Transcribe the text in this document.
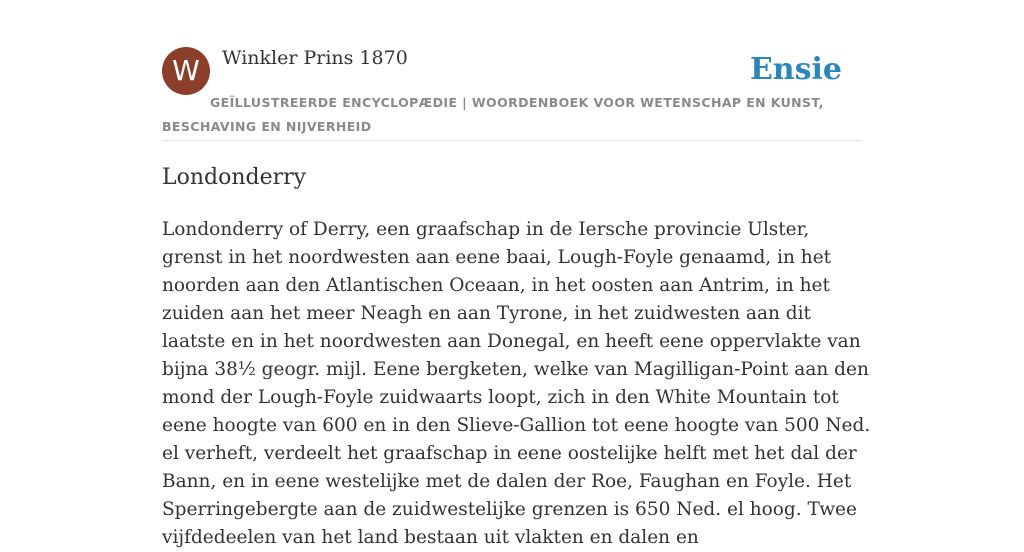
W	Winkler Prins 1870	Ensie
GEÏLLUSTREERDE ENCYCLOPÆDIE | WOORDENBOEK VOOR WETENSCHAP EN KUNST, BESCHAVING EN NIJVERHEID
Londonderry

Londonderry of Derry, een graafschap in de Iersche provincie Ulster, grenst in het noordwesten aan eene baai, Lough-Foyle genaamd, in het noorden aan den Atlantischen Oceaan, in het oosten aan Antrim, in het zuiden aan het meer Neagh en aan Tyrone, in het zuidwesten aan dit laatste en in het noordwesten aan Donegal, en heeft eene oppervlakte van bijna 38½ geogr. mijl. Eene bergketen, welke van Magilligan-Point aan den mond der Lough-Foyle zuidwaarts loopt, zich in den White Mountain tot eene hoogte van 600 en in den Slieve-Gallion tot eene hoogte van 500 Ned. el verheft, verdeelt het graafschap in eene oostelijke helft met het dal der Bann, en in eene westelijke met de dalen der Roe, Faughan en Foyle. Het Sperringebergte aan de zuidwestelijke grenzen is 650 Ned. el hoog. Twee vijfdedeelen van het land bestaan uit vlakten en dalen en
